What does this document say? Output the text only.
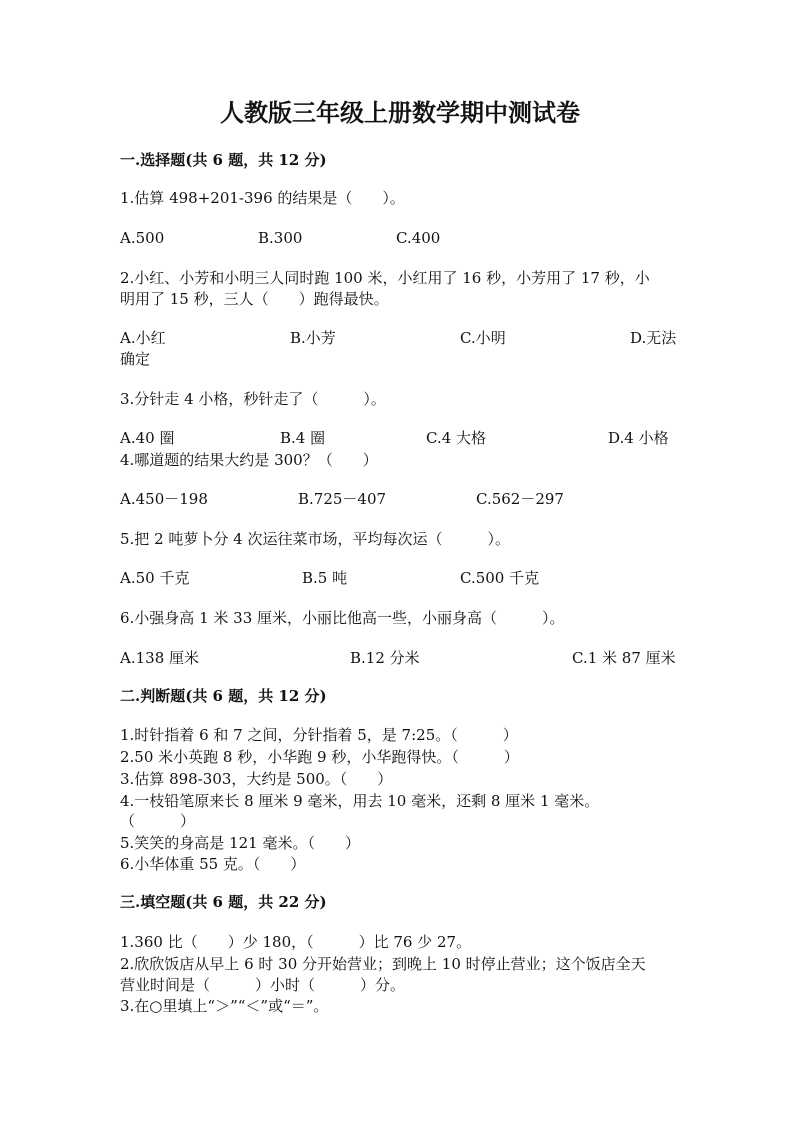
人教版三年级上册数学期中测试卷
一.选择题(共 6 题，共 12 分)
1.估算 498+201-396 的结果是（　　）。
A.500	B.300	C.400
2.小红、小芳和小明三人同时跑 100 米，小红用了 16 秒，小芳用了 17 秒，小
明用了 15 秒，三人（　　）跑得最快。
A.小红	B.小芳	C.小明	D.无法
确定
3.分针走 4 小格，秒针走了（　　　）。
A.40 圈	B.4 圈	C.4 大格	D.4 小格
4.哪道题的结果大约是 300？（　　）
A.450－198	B.725－407	C.562－297
5.把 2 吨萝卜分 4 次运往菜市场，平均每次运（　　　）。
A.50 千克	B.5 吨	C.500 千克
6.小强身高 1 米 33 厘米，小丽比他高一些，小丽身高（　　　）。
A.138 厘米	B.12 分米	C.1 米 87 厘米
二.判断题(共 6 题，共 12 分)
1.时针指着 6 和 7 之间，分针指着 5，是 7:25。（　　　）
2.50 米小英跑 8 秒，小华跑 9 秒，小华跑得快。（　　　）
3.估算 898-303，大约是 500。（　　）
4.一枝铅笔原来长 8 厘米 9 毫米，用去 10 毫米，还剩 8 厘米 1 毫米。
（　　　）
5.笑笑的身高是 121 毫米。（　　）
6.小华体重 55 克。（　　）
三.填空题(共 6 题，共 22 分)
1.360 比（　　）少 180，（　　　）比 76 少 27。
2.欣欣饭店从早上 6 时 30 分开始营业；到晚上 10 时停止营业；这个饭店全天
营业时间是（　　　）小时（　　　）分。
3.在○里填上“＞”“＜”或“＝”。
